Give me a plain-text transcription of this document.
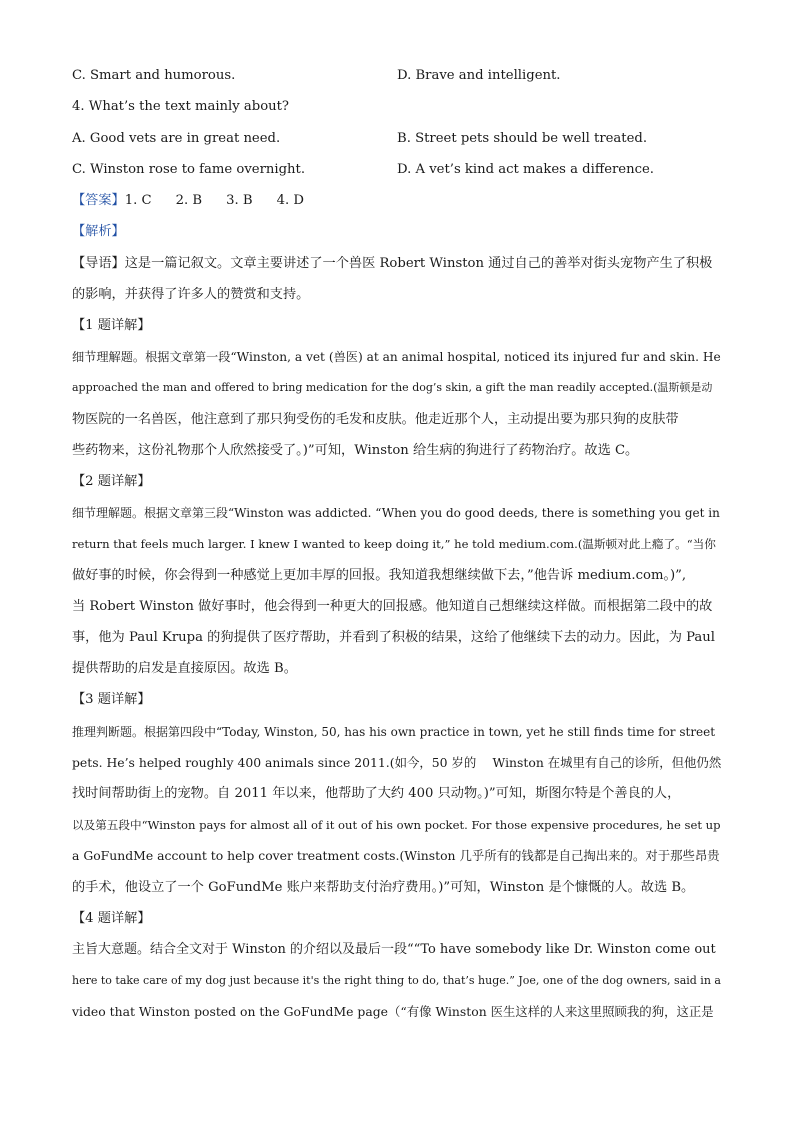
C. Smart and humorous.	D. Brave and intelligent.
4. What’s the text mainly about?
A. Good vets are in great need.	B. Street pets should be well treated.
C. Winston rose to fame overnight.	D. A vet’s kind act makes a difference.
【答案】1. C 2. B 3. B 4. D
【解析】
【导语】这是一篇记叙文。文章主要讲述了一个兽医 Robert Winston 通过自己的善举对街头宠物产生了积极
的影响，并获得了许多人的赞赏和支持。
【1 题详解】
细节理解题。根据文章第一段“Winston, a vet (兽医) at an animal hospital, noticed its injured fur and skin. He
approached the man and offered to bring medication for the dog’s skin, a gift the man readily accepted.(温斯顿是动
物医院的一名兽医，他注意到了那只狗受伤的毛发和皮肤。他走近那个人，主动提出要为那只狗的皮肤带
些药物来，这份礼物那个人欣然接受了。)”可知，Winston 给生病的狗进行了药物治疗。故选 C。
【2 题详解】
细节理解题。根据文章第三段“Winston was addicted. “When you do good deeds, there is something you get in
return that feels much larger. I knew I wanted to keep doing it,” he told medium.com.(温斯顿对此上瘾了。“当你
做好事的时候，你会得到一种感觉上更加丰厚的回报。我知道我想继续做下去，”他告诉 medium.com。)”,
当 Robert Winston 做好事时，他会得到一种更大的回报感。他知道自己想继续这样做。而根据第二段中的故
事，他为 Paul Krupa 的狗提供了医疗帮助，并看到了积极的结果，这给了他继续下去的动力。因此，为 Paul
提供帮助的启发是直接原因。故选 B。
【3 题详解】
推理判断题。根据第四段中“Today, Winston, 50, has his own practice in town, yet he still finds time for street
pets. He’s helped roughly 400 animals since 2011.(如今，50 岁的　 Winston 在城里有自己的诊所，但他仍然
找时间帮助街上的宠物。自 2011 年以来，他帮助了大约 400 只动物。)”可知，斯图尔特是个善良的人，
以及第五段中“Winston pays for almost all of it out of his own pocket. For those expensive procedures, he set up
a GoFundMe account to help cover treatment costs.(Winston 几乎所有的钱都是自己掏出来的。对于那些昂贵
的手术，他设立了一个 GoFundMe 账户来帮助支付治疗费用。)”可知，Winston 是个慷慨的人。故选 B。
【4 题详解】
主旨大意题。结合全文对于 Winston 的介绍以及最后一段““To have somebody like Dr. Winston come out
here to take care of my dog just because it's the right thing to do, that’s huge.” Joe, one of the dog owners, said in a
video that Winston posted on the GoFundMe page（“有像 Winston 医生这样的人来这里照顾我的狗，这正是
